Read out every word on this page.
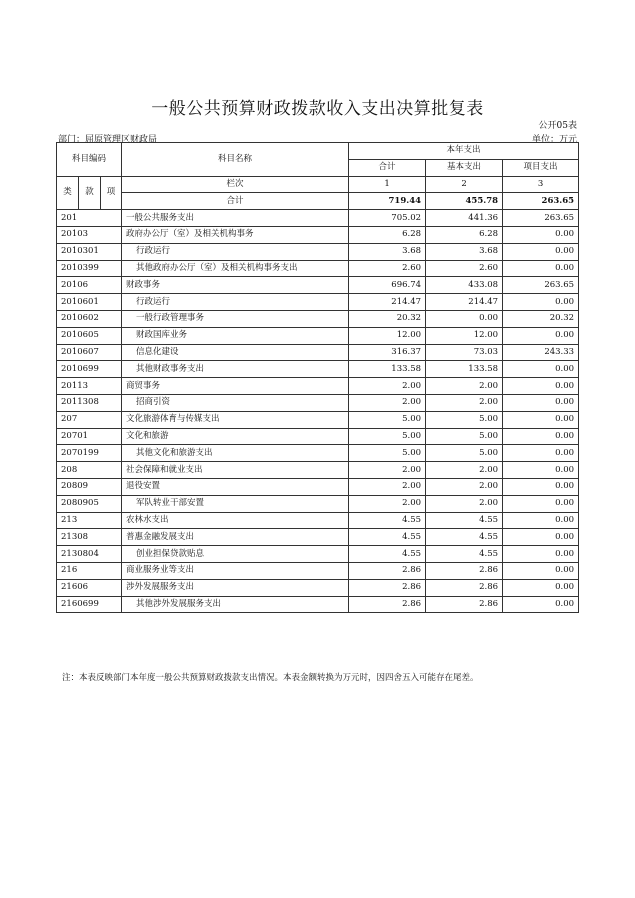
一般公共预算财政拨款收入支出决算批复表
公开05表
部门：屈原管理区财政局	单位：万元
科目编码			科目名称	本年支出		
				合计	基本支出	项目支出

类	款	项	栏次	1	2	3
			合计	719.44	455.78	263.65
201			一般公共服务支出	705.02	441.36	263.65
20103			政府办公厅（室）及相关机构事务	6.28	6.28	0.00
2010301			行政运行	3.68	3.68	0.00
2010399			其他政府办公厅（室）及相关机构事务支出	2.60	2.60	0.00
20106			财政事务	696.74	433.08	263.65
2010601			行政运行	214.47	214.47	0.00
2010602			一般行政管理事务	20.32	0.00	20.32
2010605			财政国库业务	12.00	12.00	0.00
2010607			信息化建设	316.37	73.03	243.33
2010699			其他财政事务支出	133.58	133.58	0.00
20113			商贸事务	2.00	2.00	0.00
2011308			招商引资	2.00	2.00	0.00
207			文化旅游体育与传媒支出	5.00	5.00	0.00
20701			文化和旅游	5.00	5.00	0.00
2070199			其他文化和旅游支出	5.00	5.00	0.00
208			社会保障和就业支出	2.00	2.00	0.00
20809			退役安置	2.00	2.00	0.00
2080905			军队转业干部安置	2.00	2.00	0.00
213			农林水支出	4.55	4.55	0.00
21308			普惠金融发展支出	4.55	4.55	0.00
2130804			创业担保贷款贴息	4.55	4.55	0.00
216			商业服务业等支出	2.86	2.86	0.00
21606			涉外发展服务支出	2.86	2.86	0.00
2160699			其他涉外发展服务支出	2.86	2.86	0.00
注：本表反映部门本年度一般公共预算财政拨款支出情况。本表金额转换为万元时，因四舍五入可能存在尾差。
